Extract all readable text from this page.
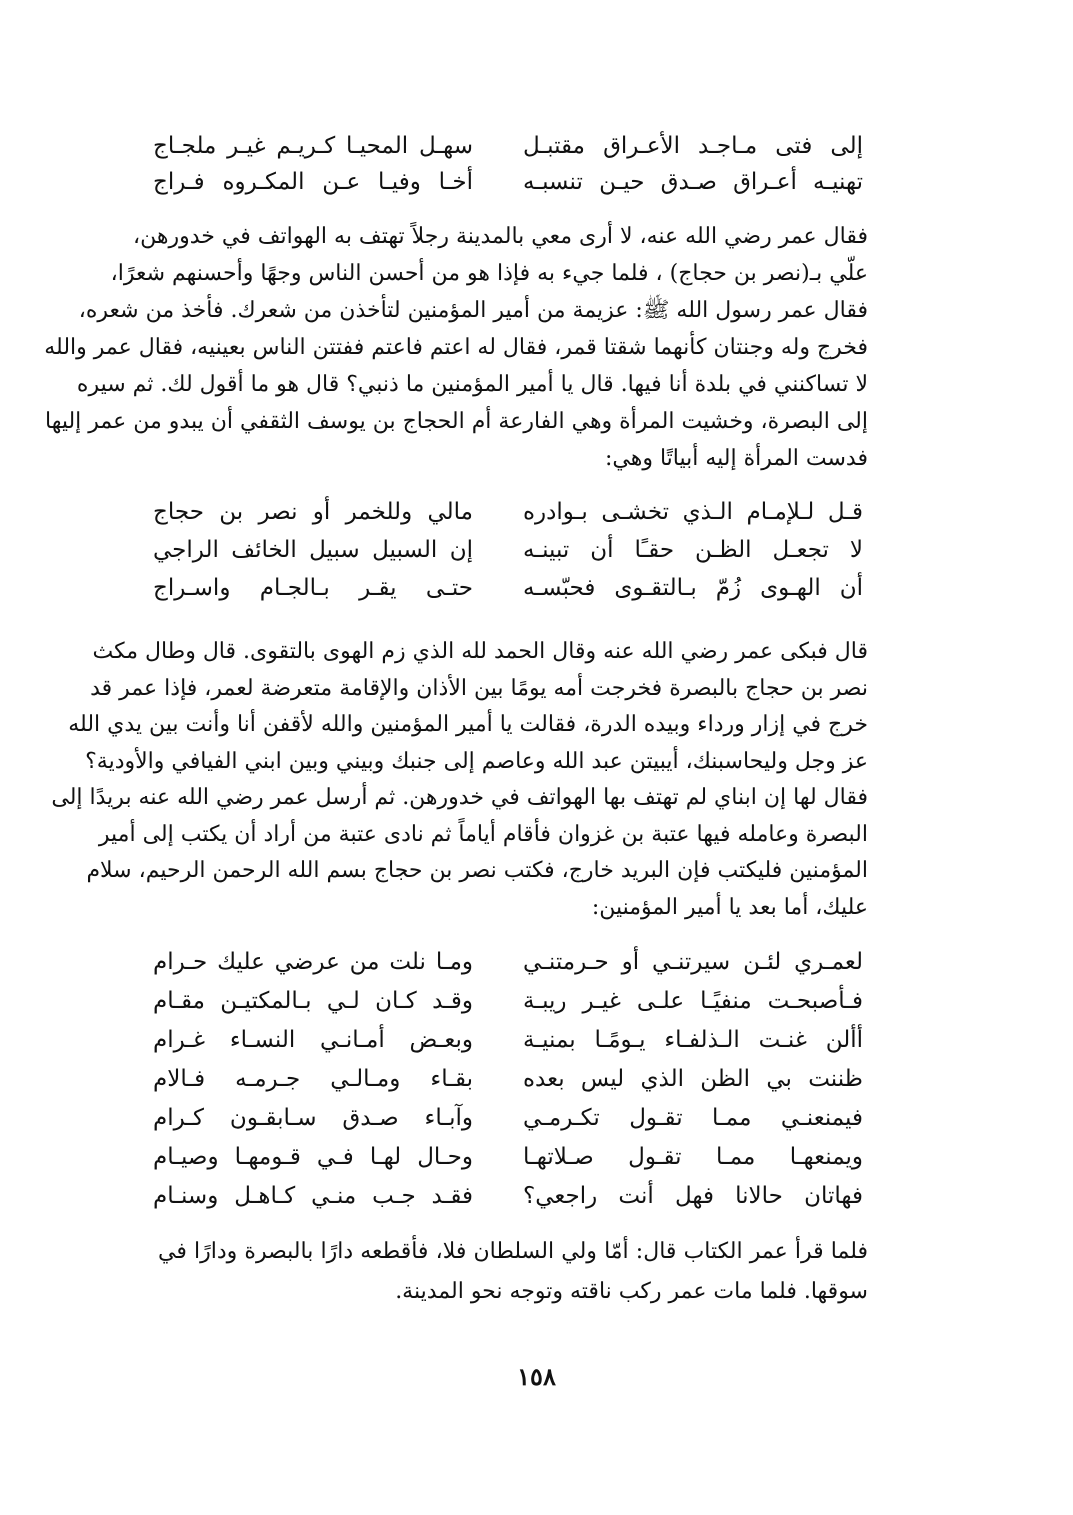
إلى فتى مـاجـد الأعـراق مقتبـل
سهـل المحيـا كـريـم غيـر ملجـاج
تهنيـه أعـراق صـدق حيـن تنسبـه
أخـا وفيـا عـن المكـروه فـراج
فقال عمر رضي الله عنه، لا أرى معي بالمدينة رجلاً تهتف به الهواتف في خدورهن،
علّي بـ(نصر بن حجاج) ، فلما جيء به فإذا هو من أحسن الناس وجهًا وأحسنهم شعرًا،
فقال عمر رسول الله ﷺ: عزيمة من أمير المؤمنين لتأخذن من شعرك. فأخذ من شعره،
فخرج وله وجنتان كأنهما شقتا قمر، فقال له اعتم فاعتم ففتتن الناس بعينيه، فقال عمر والله
لا تساكنني في بلدة أنا فيها. قال يا أمير المؤمنين ما ذنبي؟ قال هو ما أقول لك. ثم سيره
إلى البصرة، وخشيت المرأة وهي الفارعة أم الحجاج بن يوسف الثقفي أن يبدو من عمر إليها
فدست المرأة إليه أبياتًا وهي:
قـل لـلإمـام الـذي تخشـى بـوادره
مالي وللخمر أو نصر بن حجاج
لا تجعـل الظـن حقـًا أن تبينـه
إن السبيل سبيل الخائف الراجي
أن الهـوى زُمّ بـالتقـوى فحبّسـه
حتـى يقـر بـالجـام واسـراج
قال فبكى عمر رضي الله عنه وقال الحمد لله الذي زم الهوى بالتقوى. قال وطال مكث
نصر بن حجاج بالبصرة فخرجت أمه يومًا بين الأذان والإقامة متعرضة لعمر، فإذا عمر قد
خرج في إزار ورداء وبيده الدرة، فقالت يا أمير المؤمنين والله لأقفن أنا وأنت بين يدي الله
عز وجل وليحاسبنك، أيبيتن عبد الله وعاصم إلى جنبك وبيني وبين ابني الفيافي والأودية؟
فقال لها إن ابناي لم تهتف بها الهواتف في خدورهن. ثم أرسل عمر رضي الله عنه بريدًا إلى
البصرة وعامله فيها عتبة بن غزوان فأقام أياماً ثم نادى عتبة من أراد أن يكتب إلى أمير
المؤمنين فليكتب فإن البريد خارج، فكتب نصر بن حجاج بسم الله الرحمن الرحيم، سلام
عليك، أما بعد يا أمير المؤمنين:
لعمـري لئـن سيرتنـي أو حـرمتنـي
ومـا نلت من عرضي عليك حـرام
فـأصبحـت منفيًـا علـى غيـر ريبـة
وقـد كـان لـي بـالمكتيـن مقـام
أألن غنـت الـذلفـاء يـومًـا بمنيـة
وبعـض أمـانـي النسـاء غـرام
ظننت بي الظن الذي ليس بعده
بقـاء ومـالـي جـرمـه فـالام
فيمنعنـي ممـا تقـول تكـرمـي
وآبـاء صـدق سـابقـون كـرام
ويمنعهـا ممـا تقـول صـلاتهـا
وحـال لهـا فـي قـومهـا وصيـام
فهاتان حالانا فهل أنت راجعي؟
فقـد جـب منـي كـاهـل وسنـام
فلما قرأ عمر الكتاب قال: أمّا ولي السلطان فلا، فأقطعه دارًا بالبصرة ودارًا في
سوقها. فلما مات عمر ركب ناقته وتوجه نحو المدينة.
١٥٨
